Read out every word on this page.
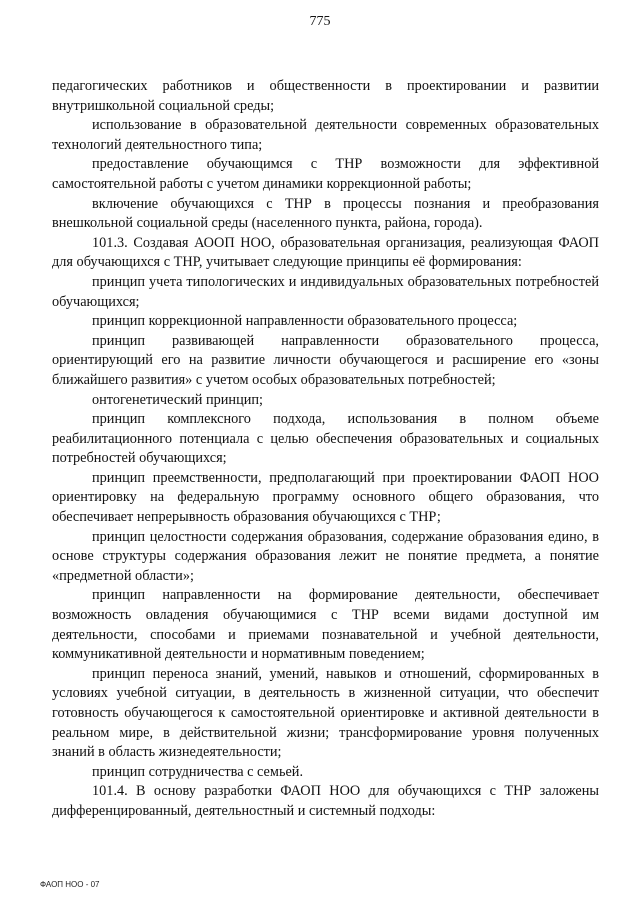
775

педагогических работников и общественности в проектировании и развитии внутришкольной социальной среды;

использование в образовательной деятельности современных образовательных технологий деятельностного типа;

предоставление обучающимся с ТНР возможности для эффективной самостоятельной работы с учетом динамики коррекционной работы;

включение обучающихся с ТНР в процессы познания и преобразования внешкольной социальной среды (населенного пункта, района, города).

101.3. Создавая АООП НОО, образовательная организация, реализующая ФАОП для обучающихся с ТНР, учитывает следующие принципы её формирования:

принцип учета типологических и индивидуальных образовательных потребностей обучающихся;

принцип коррекционной направленности образовательного процесса;

принцип развивающей направленности образовательного процесса, ориентирующий его на развитие личности обучающегося и расширение его «зоны ближайшего развития» с учетом особых образовательных потребностей;

онтогенетический принцип;

принцип комплексного подхода, использования в полном объеме реабилитационного потенциала с целью обеспечения образовательных и социальных потребностей обучающихся;

принцип преемственности, предполагающий при проектировании ФАОП НОО ориентировку на федеральную программу основного общего образования, что обеспечивает непрерывность образования обучающихся с ТНР;

принцип целостности содержания образования, содержание образования едино, в основе структуры содержания образования лежит не понятие предмета, а понятие «предметной области»;

принцип направленности на формирование деятельности, обеспечивает возможность овладения обучающимися с ТНР всеми видами доступной им деятельности, способами и приемами познавательной и учебной деятельности, коммуникативной деятельности и нормативным поведением;

принцип переноса знаний, умений, навыков и отношений, сформированных в условиях учебной ситуации, в деятельность в жизненной ситуации, что обеспечит готовность обучающегося к самостоятельной ориентировке и активной деятельности в реальном мире, в действительной жизни; трансформирование уровня полученных знаний в область жизнедеятельности;

принцип сотрудничества с семьей.

101.4. В основу разработки ФАОП НОО для обучающихся с ТНР заложены дифференцированный, деятельностный и системный подходы:

ФАОП НОО - 07
